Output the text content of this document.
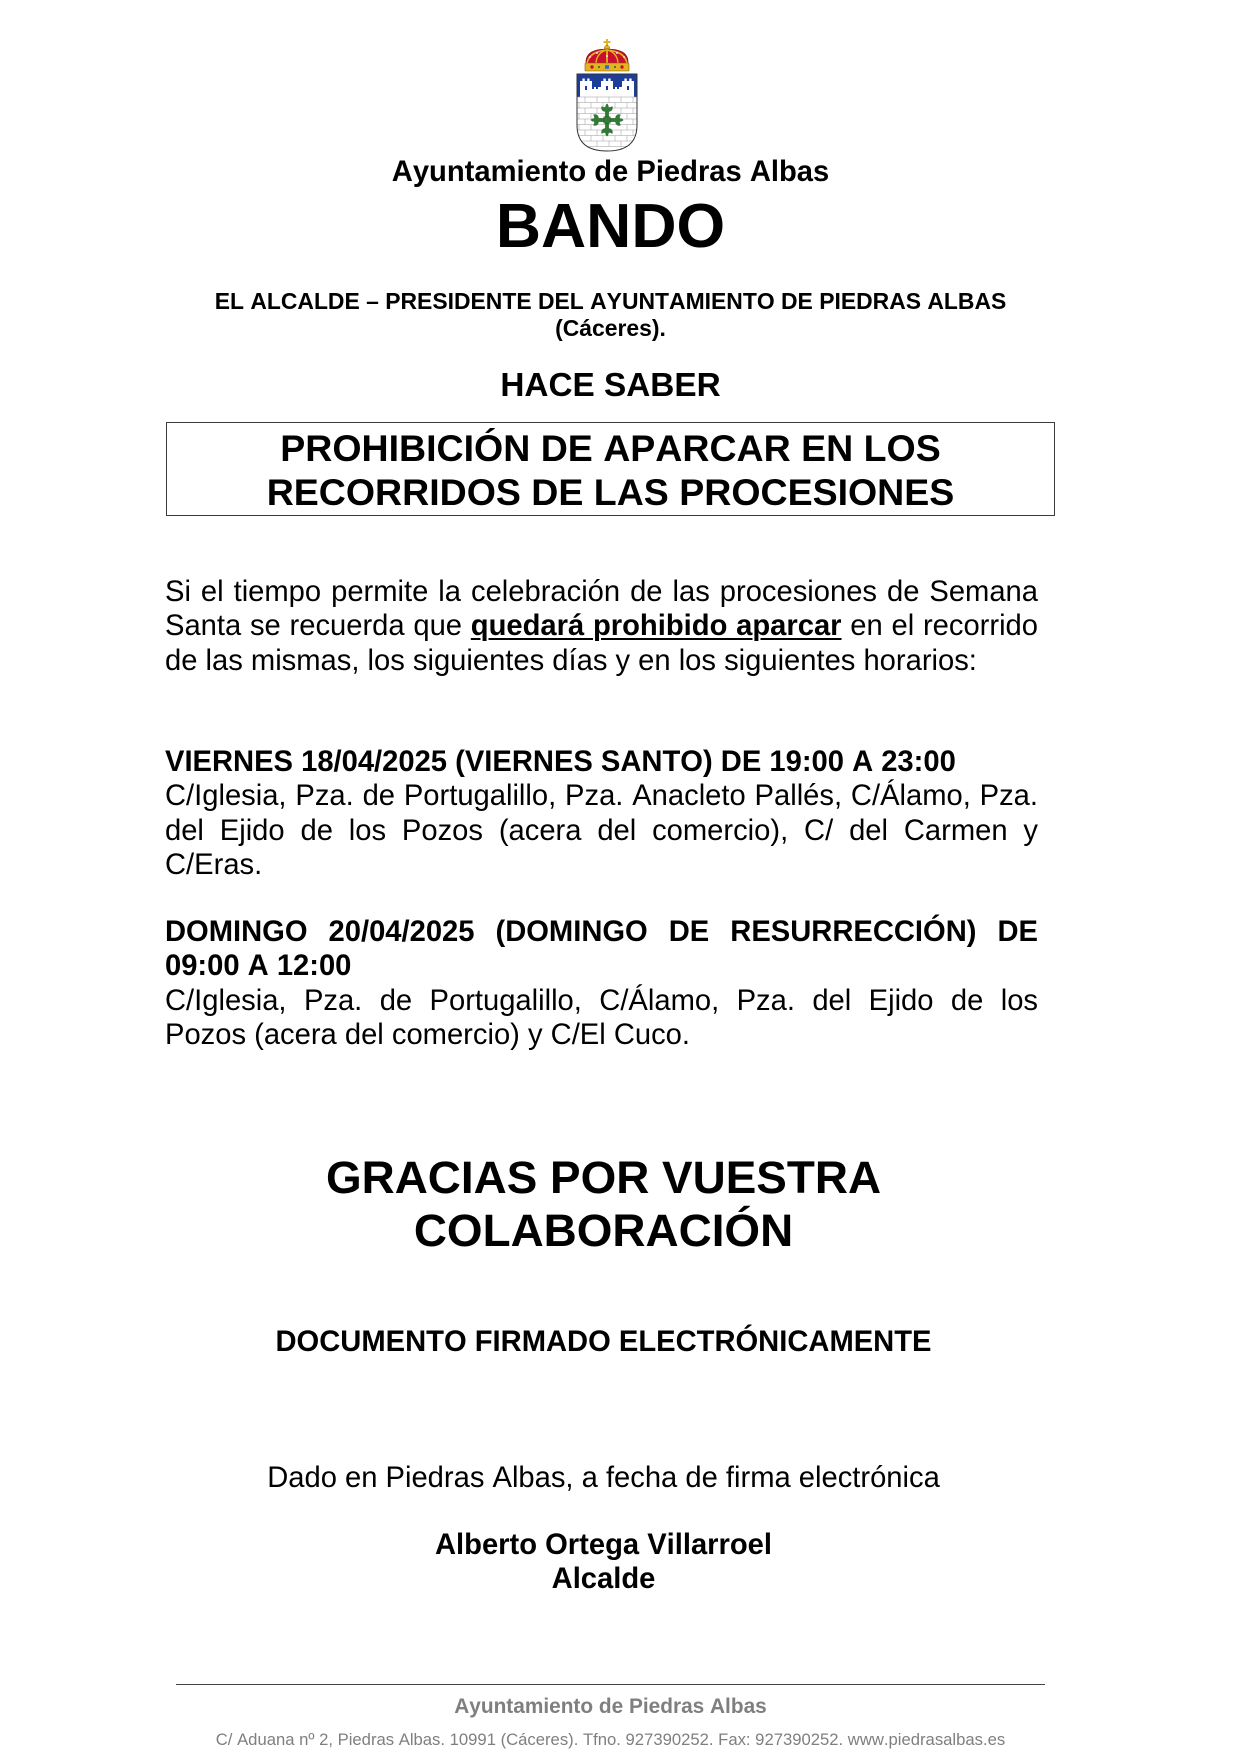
Ayuntamiento de Piedras Albas
BANDO
EL ALCALDE – PRESIDENTE DEL AYUNTAMIENTO DE PIEDRAS ALBAS
(Cáceres).
HACE SABER
PROHIBICIÓN DE APARCAR EN LOS
RECORRIDOS DE LAS PROCESIONES

Si el tiempo permite la celebración de las procesiones de Semana Santa se recuerda que quedará prohibido aparcar en el recorrido de las mismas, los siguientes días y en los siguientes horarios:

VIERNES 18/04/2025 (VIERNES SANTO) DE 19:00 A 23:00

C/Iglesia, Pza. de Portugalillo, Pza. Anacleto Pallés, C/Álamo, Pza. del Ejido de los Pozos (acera del comercio), C/ del Carmen y C/Eras.

DOMINGO 20/04/2025 (DOMINGO DE RESURRECCIÓN) DE 09:00 A 12:00

C/Iglesia, Pza. de Portugalillo, C/Álamo, Pza. del Ejido de los Pozos (acera del comercio) y C/El Cuco.

GRACIAS POR VUESTRA
COLABORACIÓN
DOCUMENTO FIRMADO ELECTRÓNICAMENTE
Dado en Piedras Albas, a fecha de firma electrónica
Alberto Ortega Villarroel
Alcalde
Ayuntamiento de Piedras Albas
C/ Aduana nº 2, Piedras Albas. 10991 (Cáceres). Tfno. 927390252. Fax: 927390252. www.piedrasalbas.es
